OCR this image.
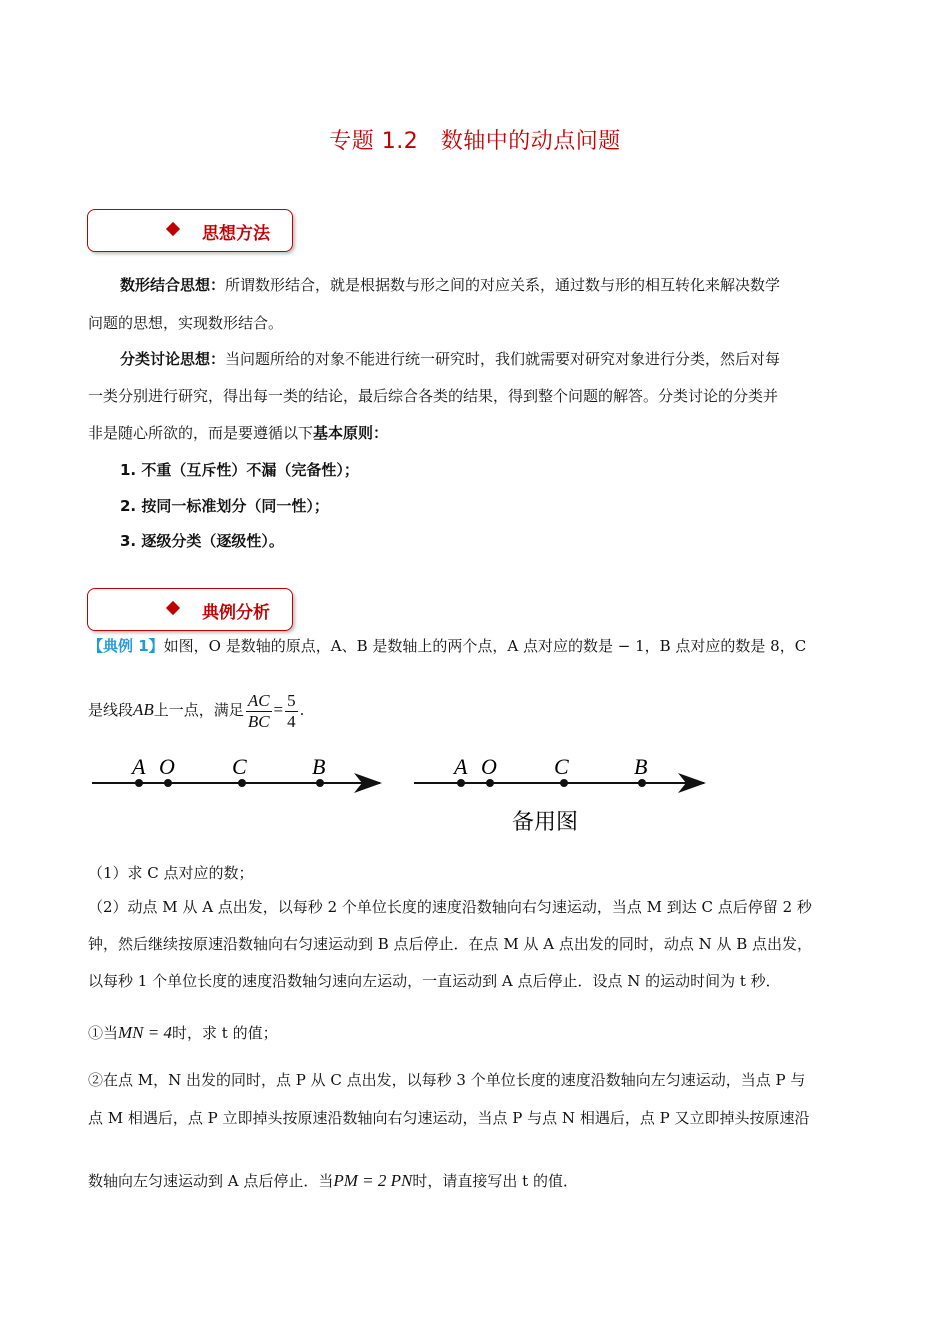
专题 1.2　数轴中的动点问题
思想方法
数形结合思想：所谓数形结合，就是根据数与形之间的对应关系，通过数与形的相互转化来解决数学
问题的思想，实现数形结合。
分类讨论思想：当问题所给的对象不能进行统一研究时，我们就需要对研究对象进行分类，然后对每
一类分别进行研究，得出每一类的结论，最后综合各类的结果，得到整个问题的解答。分类讨论的分类并
非是随心所欲的，而是要遵循以下基本原则：
1. 不重（互斥性）不漏（完备性）；
2. 按同一标准划分（同一性）；
3. 逐级分类（逐级性）。
典例分析
【典例 1】如图，O 是数轴的原点，A、B 是数轴上的两个点，A 点对应的数是 − 1，B 点对应的数是 8，C
是线段AB上一点，满足 $\frac{AC}{BC} = \frac{5}{4}$ .
A O	C	B	A O	C	B
备用图
（1）求 C 点对应的数；
（2）动点 M 从 A 点出发，以每秒 2 个单位长度的速度沿数轴向右匀速运动，当点 M 到达 C 点后停留 2 秒
钟，然后继续按原速沿数轴向右匀速运动到 B 点后停止．在点 M 从 A 点出发的同时，动点 N 从 B 点出发，
以每秒 1 个单位长度的速度沿数轴匀速向左运动，一直运动到 A 点后停止．设点 N 的运动时间为 t 秒．
①当MN = 4时，求 t 的值；
②在点 M，N 出发的同时，点 P 从 C 点出发，以每秒 3 个单位长度的速度沿数轴向左匀速运动，当点 P 与
点 M 相遇后，点 P 立即掉头按原速沿数轴向右匀速运动，当点 P 与点 N 相遇后，点 P 又立即掉头按原速沿
数轴向左匀速运动到 A 点后停止．当PM = 2 PN时，请直接写出 t 的值．
